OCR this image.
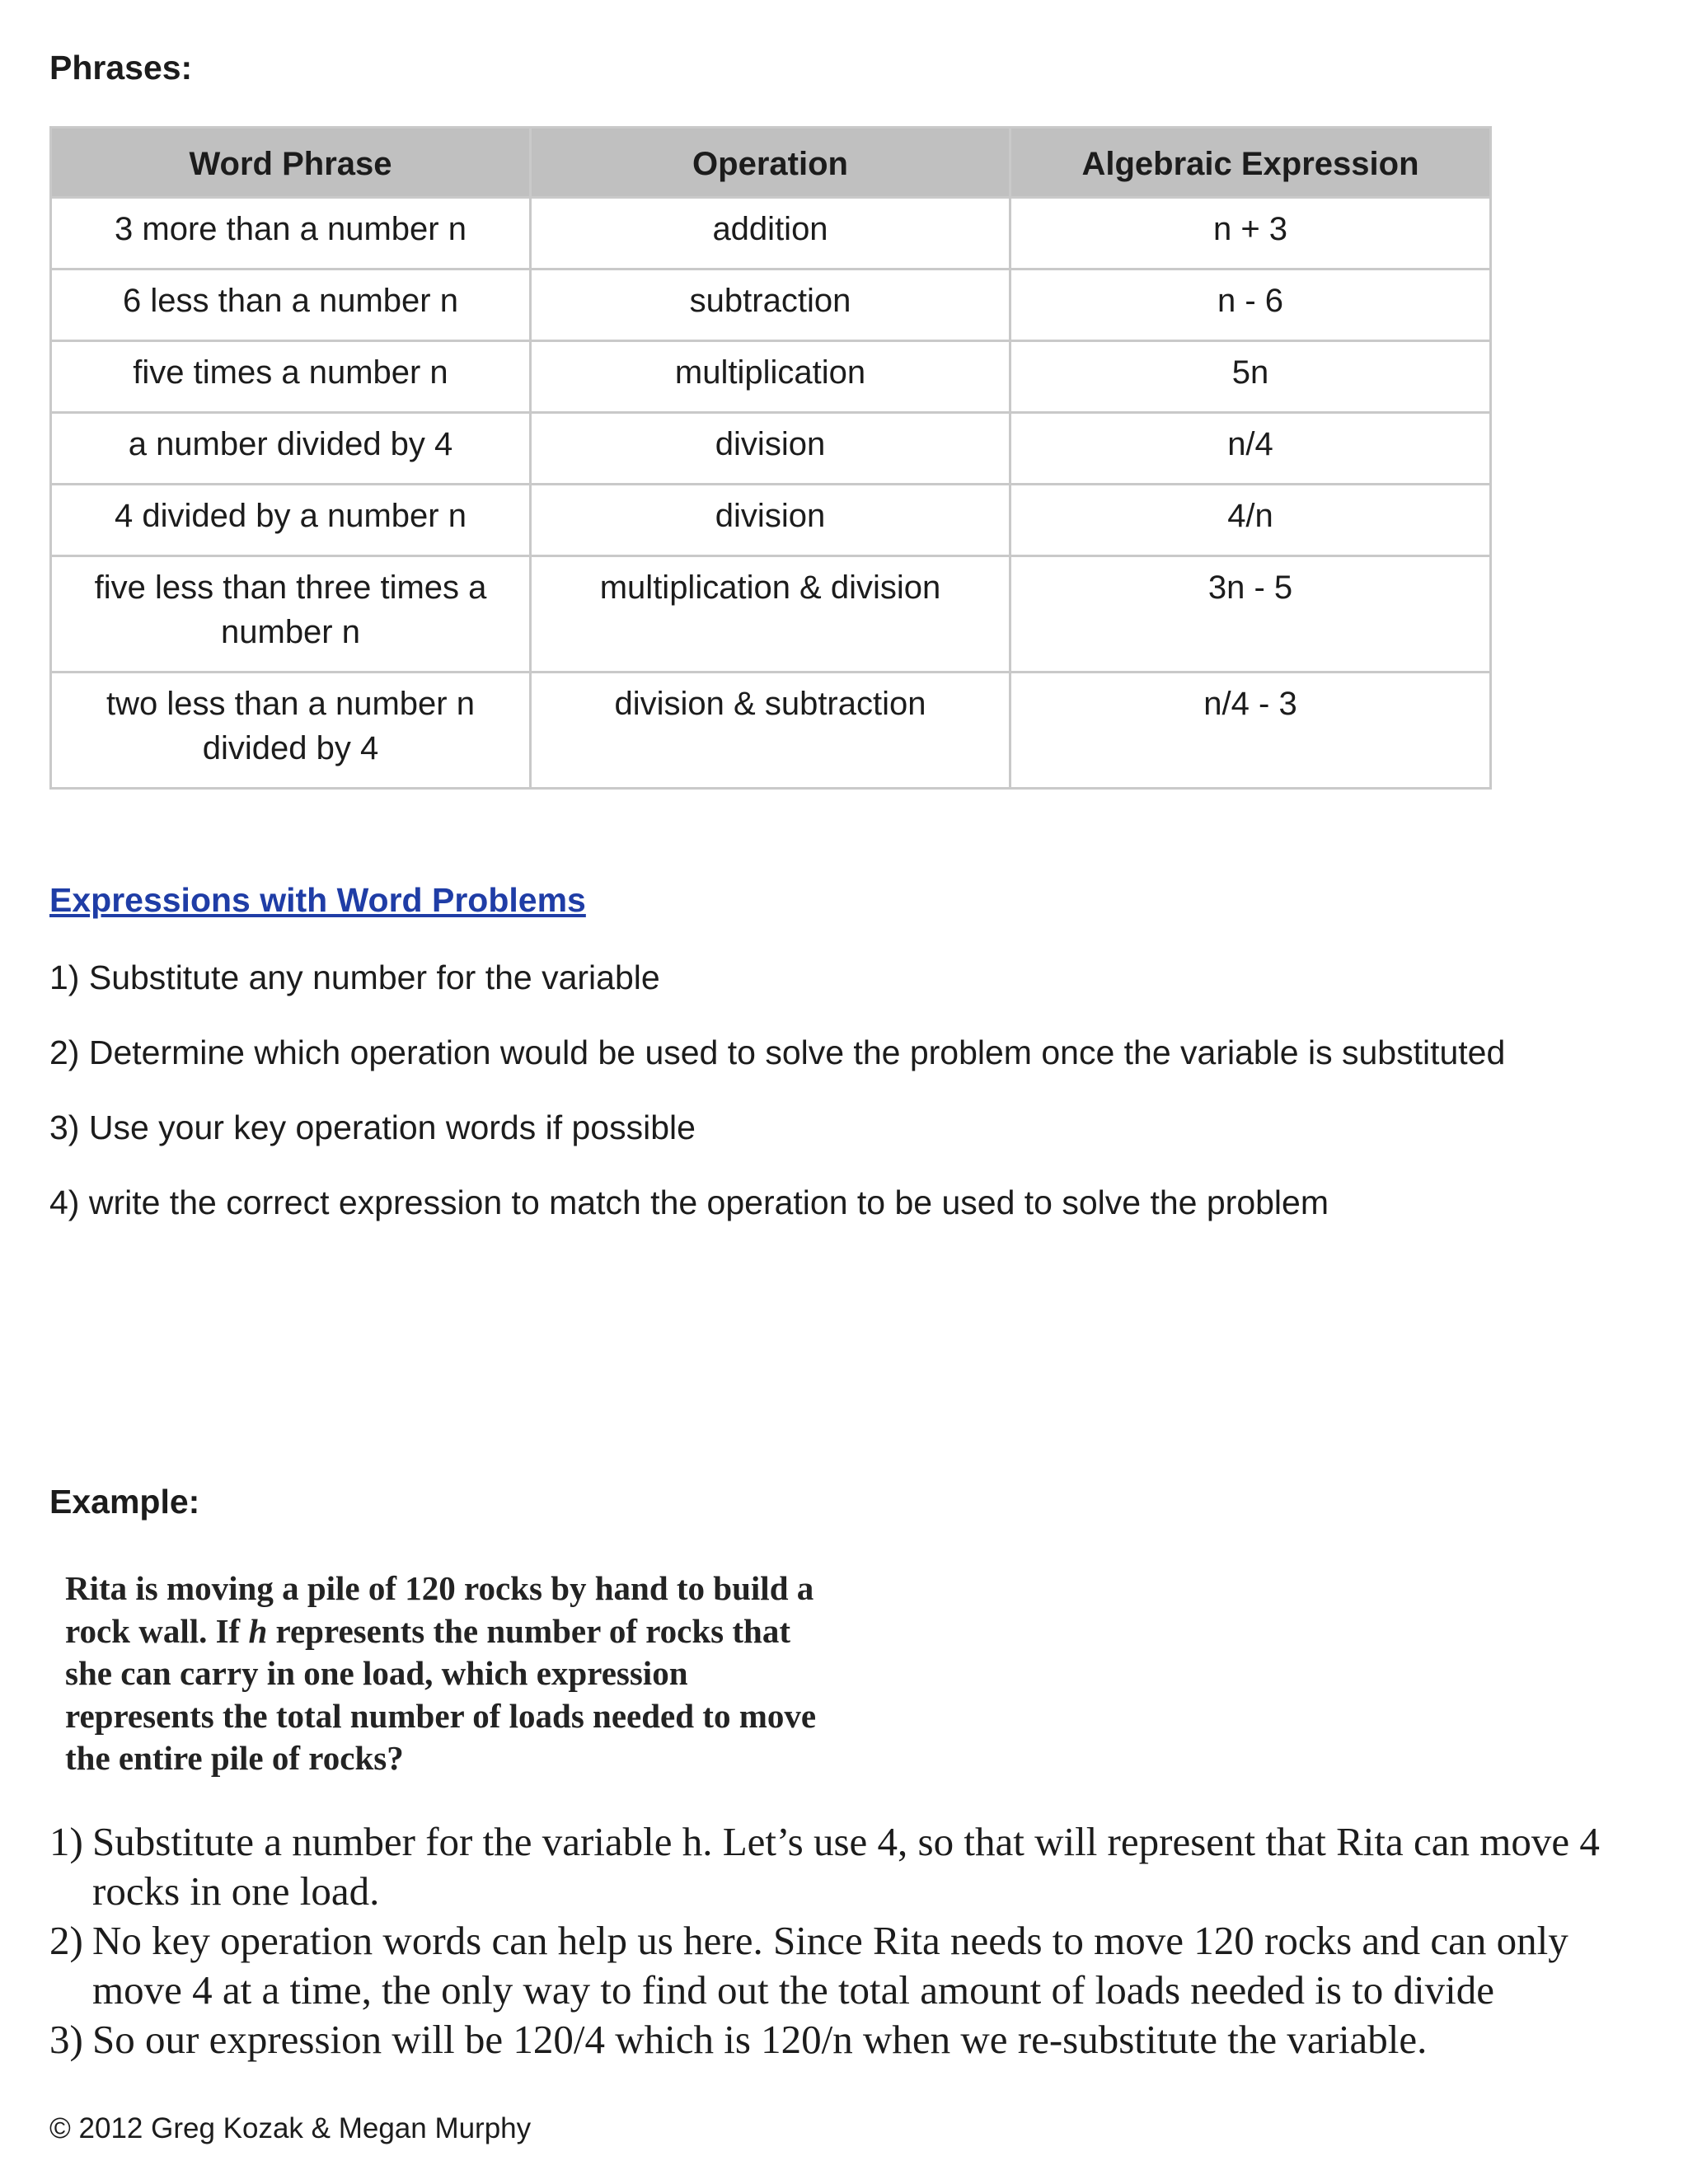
Phrases:
Word Phrase	Operation	Algebraic Expression
3 more than a number n	addition	n + 3
6 less than a number n	subtraction	n - 6
five times a number n	multiplication	5n
a number divided by 4	division	n/4
4 divided by a number n	division	4/n
five less than three times a number n	multiplication & division	3n - 5
two less than a number n divided by 4	division & subtraction	n/4 - 3
Expressions with Word Problems
1) Substitute any number for the variable
2) Determine which operation would be used to solve the problem once the variable is substituted
3) Use your key operation words if possible
4) write the correct expression to match the operation to be used to solve the problem
Example:
Rita is moving a pile of 120 rocks by hand to build a rock wall. If h represents the number of rocks that she can carry in one load, which expression represents the total number of loads needed to move the entire pile of rocks?
1) Substitute a number for the variable h. Let’s use 4, so that will represent that Rita can move 4 rocks in one load.
2) No key operation words can help us here. Since Rita needs to move 120 rocks and can only move 4 at a time, the only way to find out the total amount of loads needed is to divide
3) So our expression will be 120/4 which is 120/n when we re-substitute the variable.
© 2012 Greg Kozak & Megan Murphy
